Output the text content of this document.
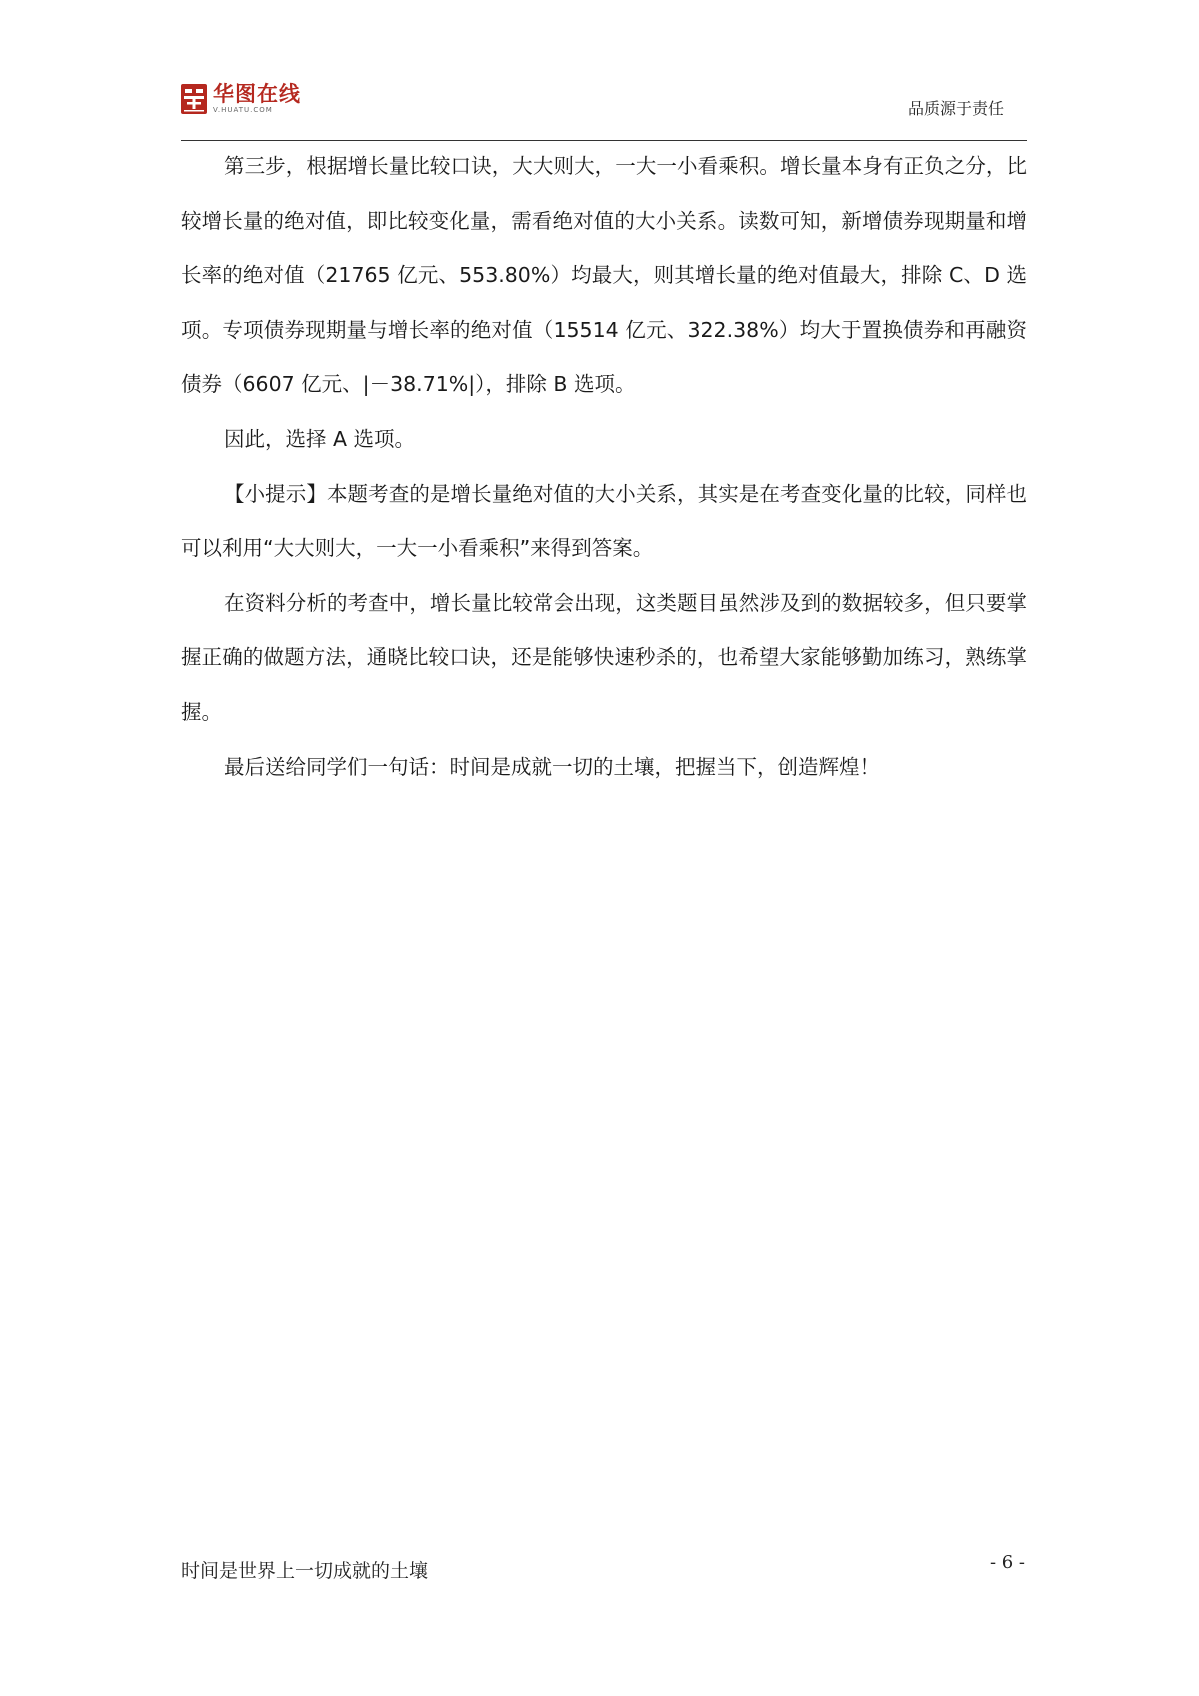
华图在线
V.HUATU.COM	品质源于责任

第三步，根据增长量比较口诀，大大则大，一大一小看乘积。增长量本身有正负之分，比较增长量的绝对值，即比较变化量，需看绝对值的大小关系。读数可知，新增债券现期量和增长率的绝对值（21765 亿元、553.80%）均最大，则其增长量的绝对值最大，排除 C、D 选项。专项债券现期量与增长率的绝对值（15514 亿元、322.38%）均大于置换债券和再融资债券（6607 亿元、|－38.71%|），排除 B 选项。

因此，选择 A 选项。

【小提示】本题考查的是增长量绝对值的大小关系，其实是在考查变化量的比较，同样也可以利用“大大则大，一大一小看乘积”来得到答案。

在资料分析的考查中，增长量比较常会出现，这类题目虽然涉及到的数据较多，但只要掌握正确的做题方法，通晓比较口诀，还是能够快速秒杀的，也希望大家能够勤加练习，熟练掌握。

最后送给同学们一句话：时间是成就一切的土壤，把握当下，创造辉煌！

时间是世界上一切成就的土壤	- 6 -
